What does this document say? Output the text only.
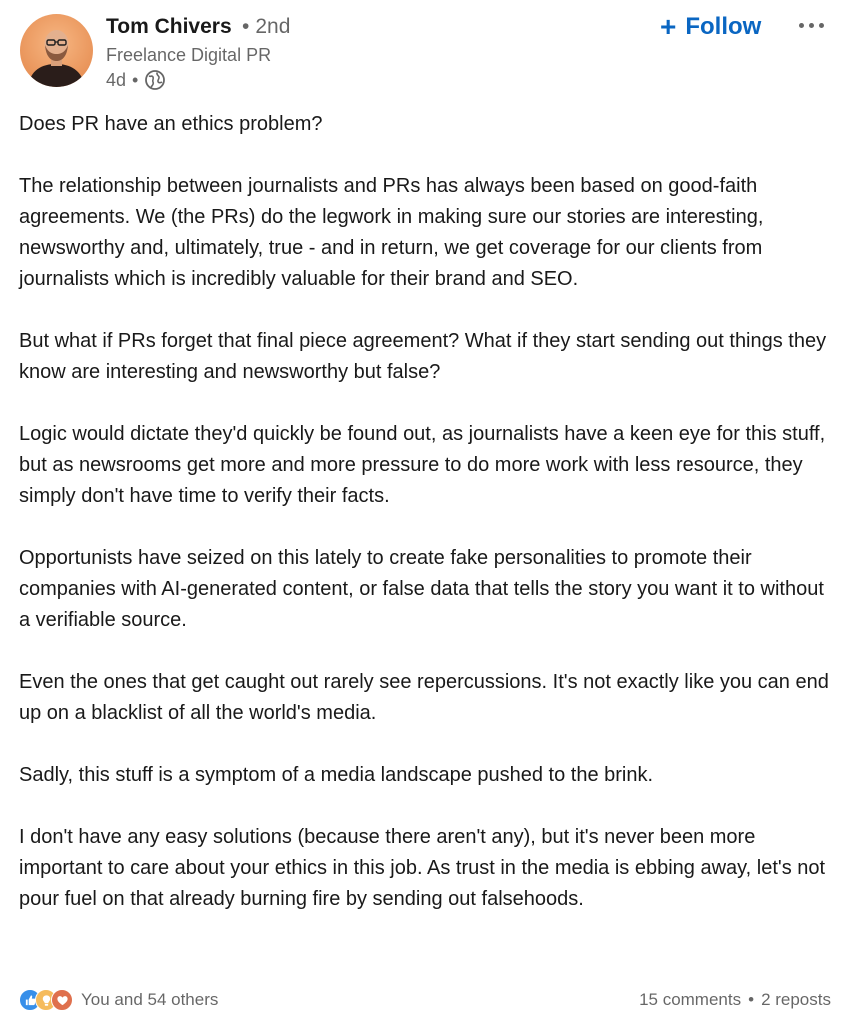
Tom Chivers • 2nd
Freelance Digital PR
4d •
+ Follow

Does PR have an ethics problem?

The relationship between journalists and PRs has always been based on good-faith agreements. We (the PRs) do the legwork in making sure our stories are interesting, newsworthy and, ultimately, true - and in return, we get coverage for our clients from journalists which is incredibly valuable for their brand and SEO.

But what if PRs forget that final piece agreement? What if they start sending out things they know are interesting and newsworthy but false?

Logic would dictate they'd quickly be found out, as journalists have a keen eye for this stuff, but as newsrooms get more and more pressure to do more work with less resource, they simply don't have time to verify their facts.

Opportunists have seized on this lately to create fake personalities to promote their companies with AI-generated content, or false data that tells the story you want it to without a verifiable source.

Even the ones that get caught out rarely see repercussions. It's not exactly like you can end up on a blacklist of all the world's media.

Sadly, this stuff is a symptom of a media landscape pushed to the brink.

I don't have any easy solutions (because there aren't any), but it's never been more important to care about your ethics in this job. As trust in the media is ebbing away, let's not pour fuel on that already burning fire by sending out falsehoods.

You and 54 others	15 comments • 2 reposts
